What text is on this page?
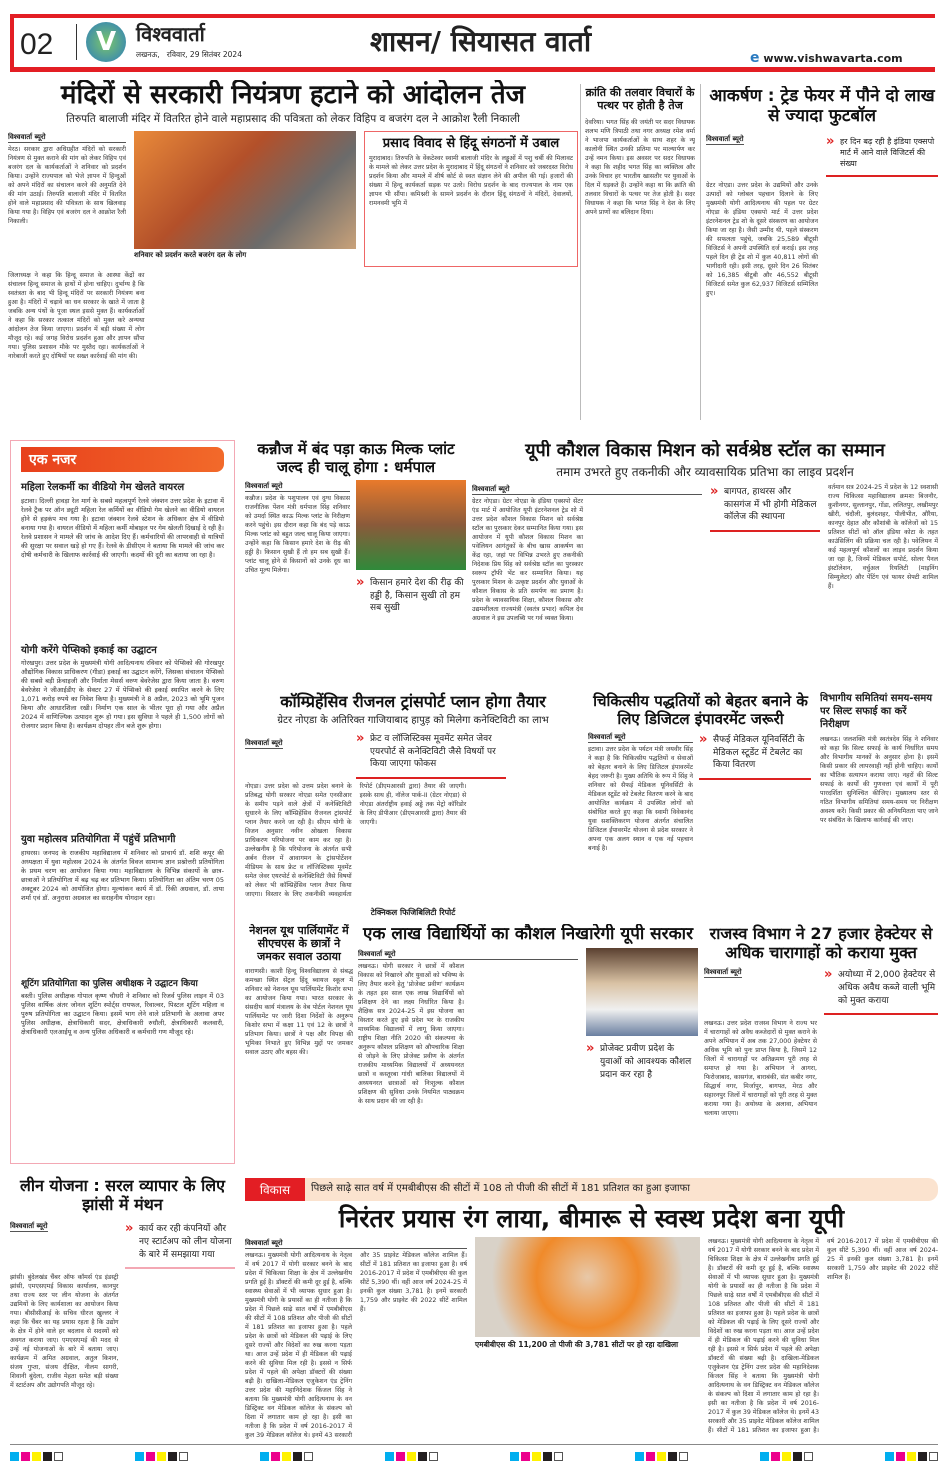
02	V विश्ववार्ता
लखनऊ,   रविवार, 29 सितंबर 2024	शासन/ सियासत वार्ता	e www.vishwavarta.com
मंदिरों से सरकारी नियंत्रण हटाने को आंदोलन तेज
तिरुपति बालाजी मंदिर में वितरित होने वाले महाप्रसाद की पवित्रता को लेकर विहिप व बजरंग दल ने आक्रोश रैली निकाली
विश्ववार्ता ब्यूरो
मेरठ। सरकार द्वारा अधिग्रहीत मंदिरों को सरकारी नियंत्रण से मुक्त कराने की मांग को लेकर विहिप एवं बजरंग दल के कार्यकर्ताओं ने शनिवार को प्रदर्शन किया। उन्होंने राज्यपाल को भेजे ज्ञापन में हिन्दुओं को अपने मंदिरों का संचालन करने की अनुमति देने की मांग उठाई। तिरुपति बालाजी मंदिर में वितरित होने वाले महाप्रसाद की पवित्रता के साथ खिलवाड़ किया गया है। विहिप एवं बजरंग दल ने आक्रोश रैली निकाली।
शनिवार को प्रदर्शन करते बजरंग दल के लोग
प्रसाद विवाद से हिंदू संगठनों में उबाल
मुरादाबाद। तिरुपति के वेंकटेश्वर स्वामी बालाजी मंदिर के लड्डुओं में पशु चर्बी की मिलावट के मामले को लेकर उत्तर प्रदेश के मुरादाबाद में हिंदू संगठनों ने शनिवार को जबरदस्त विरोध प्रदर्शन किया और मामले में शीर्ष कोर्ट से स्वत संज्ञान लेने की अपील की गई। हजारों की संख्या में हिन्दू कार्यकर्ता सड़क पर उतरे। विरोध प्रदर्शन के बाद राज्यपाल के नाम एक ज्ञापन भी सौंपा। कमिश्नरी के सामने प्रदर्शन के दौरान हिंदू संगठनों ने मंदिरों, देवालयों, रामनवमी भूमि में
जिलाध्यक्ष ने कहा कि हिन्दू समाज के आस्था केंद्रों का संचालन हिन्दू समाज के हाथों में होना चाहिए। दुर्भाग्य है कि स्वतंत्रता के बाद भी हिन्दू मंदिरों पर सरकारी नियंत्रण बना हुआ है। मंदिरों में चढ़ावे का धन सरकार के खाते में जाता है जबकि अन्य पंथों के पूजा स्थल इससे मुक्त हैं। कार्यकर्ताओं ने कहा कि सरकार तत्काल मंदिरों को मुक्त करे अन्यथा आंदोलन तेज किया जाएगा। प्रदर्शन में बड़ी संख्या में लोग मौजूद रहे। कई जगह विरोध प्रदर्शन हुआ और ज्ञापन सौंपा गया। पुलिस प्रशासन मौके पर मुस्तैद रहा। कार्यकर्ताओं ने नारेबाजी करते हुए दोषियों पर सख्त कार्रवाई की मांग की।
क्रांति की तलवार विचारों के पत्थर पर होती है तेज
देवरिया। भगत सिंह की जयंती पर सदर विधायक शलभ मणि त्रिपाठी तथा नगर अध्यक्ष रमेश वर्मा ने भाजपा कार्यकर्ताओं के साथ शहर के न्यू कालोनी स्थित उनकी प्रतिमा पर माल्यार्पण कर उन्हें नमन किया। इस अवसर पर सदर विधायक ने कहा कि शहीद भगत सिंह का व्यक्तित्व और उनके विचार हर भारतीय खासतौर पर युवाओं के दिल में धड़कते हैं। उन्होंने कहा था कि क्रांति की तलवार विचारों के पत्थर पर तेज होती है। सदर विधायक ने कहा कि भगत सिंह ने देश के लिए अपने प्राणों का बलिदान दिया।
आकर्षण : ट्रेड फेयर में पौने दो लाख से ज्यादा फुटबॉल
विश्ववार्ता ब्यूरो	» हर दिन बढ़ रही है इंडिया एक्सपो मार्ट में आने वाले विजिटर्स की संख्या
ग्रेटर नोएडा। उत्तर प्रदेश के उद्यमियों और उनके उत्पादों को ग्लोबल पहचान दिलाने के लिए मुख्यमंत्री योगी आदित्यनाथ की पहल पर ग्रेटर नोएडा के इंडिया एक्सपो मार्ट में उत्तर प्रदेश इंटरनेशनल ट्रेड शो के दूसरे संस्करण का आयोजन किया जा रहा है। जैसी उम्मीद थी, पहले संस्करण की सफलता पहुंचे, जबकि 25,589 बीटूसी विजिटर्स ने अपनी उपस्थिति दर्ज कराई। इस तरह पहले दिन ही ट्रेड शो में कुल 40,811 लोगों की भागीदारी रही। इसी तरह, दूसरे दिन 26 सितंबर को 16,385 बीटूबी और 46,552 बीटूसी विजिटर्स समेत कुल 62,937 विजिटर्स सम्मिलित हुए।
एक नजर
महिला रेलकर्मी का वीडियो गेम खेलते वायरल
इटावा। दिल्ली हावड़ा रेल मार्ग के सबसे महत्वपूर्ण रेलवे जंक्शन उत्तर प्रदेश के इटावा में रेलवे ट्रैक पर ऑन ड्यूटी महिला रेल कर्मियों का वीडियो गेम खेलने का वीडियो वायरल होने से हड़कंप मच गया है। इटावा जंक्शन रेलवे स्टेशन के अधिकार क्षेत्र में वीडियो बनाया गया है। वायरल वीडियो में महिला कर्मी मोबाइल पर गेम खेलती दिखाई दे रही है। रेलवे प्रशासन ने मामले की जांच के आदेश दिए हैं। कर्मचारियों की लापरवाही से यात्रियों की सुरक्षा पर सवाल खड़े हो गए हैं। रेलवे के डीसीएम ने बताया कि मामले की जांच कर दोषी कर्मचारी के खिलाफ कार्रवाई की जाएगी। कदमों की दूरी का बताया जा रहा है।
योगी करेंगे पेप्सिको इकाई का उद्घाटन
गोरखपुर। उत्तर प्रदेश के मुख्यमंत्री योगी आदित्यनाथ रविवार को पेप्सिको की गोरखपुर औद्योगिक विकास प्राधिकरण (गीडा) इकाई का उद्घाटन करेंगे, जिसका संचालन पेप्सिको की सबसे बड़ी फ्रेंचाइजी और निर्माता मेसर्स वरुण बेवरेजेस द्वारा किया जाता है। वरुण बेवरेजेस ने जीआईडीए के सेक्टर 27 में पेप्सिको की इकाई स्थापित करने के लिए 1,071 करोड़ रुपये का निवेश किया है। मुख्यमंत्री ने 8 अप्रैल, 2023 को भूमि पूजन किया और आधारशिला रखी। निर्माण एक साल के भीतर पूरा हो गया और अप्रैल 2024 में वाणिज्यिक उत्पादन शुरू हो गया। इस सुविधा ने पहले ही 1,500 लोगों को रोजगार प्रदान किया है। कार्यक्रम दोपहर तीन बजे शुरू होगा।
युवा महोत्सव प्रतियोगिता में पहुंचें प्रतिभागी
हाथरस। जनपद के राजकीय महाविद्यालय में शनिवार को प्राचार्य डॉ. शशि कपूर की अध्यक्षता में युवा महोत्सव 2024 के अंतर्गत विवज सामान्य ज्ञान प्रश्नोत्तरी प्रतियोगिता के प्रथम चरण का आयोजन किया गया। महाविद्यालय के विभिन्न संकायों के छात्र-छात्राओं ने प्रतियोगिता में बढ़ चढ़ कर प्रतिभाग किया। प्रतियोगिता का अंतिम चरण 05 अक्टूबर 2024 को आयोजित होगा। मूल्यांकन कार्य में डॉ. रिंकी अग्रवाल, डॉ. ताया शर्मा एवं डॉ. अनुराधा अग्रवाल का सराहनीय योगदान रहा।
शूटिंग प्रतियोगिता का पुलिस अधीक्षक ने उद्घाटन किया
बस्ती। पुलिस अधीक्षक गोपाल कृष्ण चौधरी ने शनिवार को रिजर्व पुलिस लाइन में 03 पुलिस वार्षिक अंतर जोनल शूटिंग स्पोर्ट्स रायफल, रिवाल्वर, पिस्टल शूटिंग महिला व पुरुष प्रतियोगिता का उद्घाटन किया। इसमें भाग लेने वाले प्रतिभागी के अलावा अपर पुलिस अधीक्षक, क्षेत्राधिकारी सदर, क्षेत्राधिकारी रुधौली, क्षेत्राधिकारी कलवारी, क्षेत्राधिकारी एलआईयू व अन्य पुलिस अधिकारी व कर्मचारी गण मौजूद रहे।
कन्नौज में बंद पड़ा काऊ मिल्क प्लांट जल्द ही चालू होगा : धर्मपाल
विश्ववार्ता ब्यूरो
कन्नौज। प्रदेश के पशुपालन एवं दुग्ध विकास राजनीतिक पेंशन मंत्री धर्मपाल सिंह शनिवार को उमर्दा स्थित काऊ मिल्क प्लांट के निरीक्षण करने पहुंचे। इस दौरान कहा कि बंद पड़े काऊ मिल्क प्लांट को बहुत जल्द चालू किया जाएगा। उन्होंने कहा कि किसान हमारे देश के रीढ़ की हड्डी है। किसान सुखी हैं तो हम सब सुखी हैं। प्लांट चालू होने से किसानों को उनके दूध का उचित मूल्य मिलेगा।
» किसान हमारे देश की रीढ़ की हड्डी है, किसान सुखी तो हम सब सुखी
यूपी कौशल विकास मिशन को सर्वश्रेष्ठ स्टॉल का सम्मान
तमाम उभरते हुए तकनीकी और व्यावसायिक प्रतिभा का लाइव प्रदर्शन
विश्ववार्ता ब्यूरो
ग्रेटर नोएडा। ग्रेटर नोएडा के इंडिया एक्सपो सेंटर एंड मार्ट में आयोजित यूपी इंटरनेशनल ट्रेड शो में उत्तर प्रदेश कौशल विकास मिशन को सर्वश्रेष्ठ स्टॉल का पुरस्कार देकर सम्मानित किया गया। इस आयोजन में यूपी कौशल विकास मिशन का पवेलियन आगंतुकों के बीच खास आकर्षण का केंद्र रहा, जहां पर विभिन्न उभरते हुए तकनीकी निदेशक प्रिय सिंह को सर्वश्रेष्ठ स्टॉल का पुरस्कार स्वरूप ट्रॉफी भेंट कर सम्मानित किया। यह पुरस्कार मिशन के उत्कृष्ट प्रदर्शन और युवाओं के कौशल विकास के प्रति समर्पण का प्रमाण है। प्रदेश के व्यावसायिक शिक्षा, कौशल विकास और उद्यमशीलता राज्यमंत्री (स्वतंत्र प्रभार) कपिल देव अग्रवाल ने इस उपलब्धि पर गर्व व्यक्त किया।
» बागपत, हाथरस और कासगंज में भी होगी मेडिकल कॉलेज की स्थापना
वर्तमान सत्र 2024-25 में प्रदेश के 12 स्वशासी राज्य चिकित्सा महाविद्यालय क्रमशः बिजनौर, कुशीनगर, सुल्तानपुर, गोंडा, ललितपुर, लखीमपुर खीरी, चंदौली, बुलंदशहर, पीलीभीत, औरैया, कानपुर देहात और कौशांबी के कॉलेजों को 15 प्रतिशत सीटों को ऑल इंडिया कोटा के तहत काउंसिलिंग की प्रक्रिया चल रही है। पवेलियन में कई महत्वपूर्ण कौशलों का लाइव प्रदर्शन किया जा रहा है, जिनमें मेडिकल सपोर्ट, सोलर पैनल इंस्टॉलेशन, वर्चुअल रियलिटी (माइनिंग सिम्युलेटर) और पेंटिंग एवं फायर सेफ्टी शामिल हैं।
कॉम्प्रिहेंसिव रीजनल ट्रांसपोर्ट प्लान होगा तैयार
ग्रेटर नोएडा के अतिरिक्त गाजियाबाद हापुड़ को मिलेगा कनेक्टिविटी का लाभ
विश्ववार्ता ब्यूरो	» फ्रेट व लॉजिस्टिक्स मूवमेंट समेत जेवर एयरपोर्ट से कनेक्टिविटी जैसे विषयों पर किया जाएगा फोकस
नोएडा। उत्तर प्रदेश को उत्तम प्रदेश बनाने के प्रतिबद्ध योगी सरकार नोएडा समेत एनसीआर के समीप पड़ने वाले क्षेत्रों में कनेक्टिविटी सुधारने के लिए कॉम्प्रिहेंसिव रीजनल ट्रांसपोर्ट प्लान तैयार करने जा रही है। सीएम योगी के विजन अनुसार नवीन ओखला विकास प्राधिकरण परियोजना पर काम कर रहा है। उल्लेखनीय है कि परियोजना के अंतर्गत सभी अर्बन रीजन में आवागमन के ट्रांसपोर्टेशन मीडियम के साथ फ्रेट व लॉजिस्टिक्स मूवमेंट समेत जेवर एयरपोर्ट से कनेक्टिविटी जैसे विषयों को लेकर भी कॉम्प्रिहेंसिव प्लान तैयार किया जाएगा। विस्तार के लिए तकनीकी व्यवहार्यता रिपोर्ट (डीएमआरसी द्वारा) तैयार की जाएगी। इसके साथ ही, नॉलेज पार्क-II (ग्रेटर नोएडा) से नोएडा अंतर्राष्ट्रीय हवाई अड्डे तक मेट्रो कॉरिडोर के लिए डीपीआर (डीएमआरसी द्वारा) तैयार की जाएगी।
टेक्निकल फिजिबिलिटी रिपोर्ट
चिकित्सीय पद्धतियों को बेहतर बनाने के लिए डिजिटल इंपावरमेंट जरूरी
विश्ववार्ता ब्यूरो
इटावा। उत्तर प्रदेश के पर्यटन मंत्री जयवीर सिंह ने कहा है कि चिकित्सीय पद्धतियों व सेवाओं को बेहतर बनाने के लिए डिजिटल इंपावरमेंट बेहद जरूरी है। मुख्य अतिथि के रूप में सिंह ने शनिवार को सैफई मेडिकल यूनिवर्सिटी के मेडिकल स्टूडेंट को टेबलेट वितरण करने के बाद आयोजित कार्यक्रम में उपस्थित लोगों को संबोधित करते हुए कहा कि स्वामी विवेकानंद युवा सशक्तिकरण योजना अंतर्गत संचालित डिजिटल ईंपावरमेंट योजना से प्रदेश सरकार ने अपना एक अलग स्थान व एक नई पहचान बनाई है।
» सैफई मेडिकल यूनिवर्सिटी के मेडिकल स्टूडेंट में टेबलेट का किया वितरण
विभागीय समितियां समय-समय पर सिल्ट सफाई का करें निरीक्षण
लखनऊ। जलशक्ति मंत्री स्वतंत्रदेव सिंह ने शनिवार को कहा कि सिल्ट सफाई के कार्य निर्धारित समय और विभागीय मानकों के अनुसार होना है। इसमें किसी प्रकार की लापरवाही नहीं होनी चाहिए। कार्यों का भौतिक सत्यापन कराया जाए। नहरों की सिल्ट सफाई के कार्यों की गुणवत्ता एवं कार्यों में पूरी पारदर्शिता सुनिश्चित कीजिए। मुख्यालय स्तर से गठित विभागीय समितियां समय-समय पर निरीक्षण अवश्य करें। किसी प्रकार की अनियमितता पाए जाने पर संबंधित के खिलाफ कार्रवाई की जाए।
नेशनल यूथ पार्लियामेंट में सीएचएस के छात्रों ने जमकर सवाल उठाया
वाराणसी। काशी हिन्दू विश्वविद्यालय से संबद्ध कमच्छा स्थित सेंट्रल हिंदू ब्वायज स्कूल में शनिवार को नेशनल यूथ पार्लियामेंट किशोर सभा का आयोजन किया गया। भारत सरकार के संसदीय कार्य मंत्रालय के वेब पोर्टल नेशनल यूथ पार्लियामेंट पर जारी दिशा निर्देशों के अनुरूप किशोर सभा में कक्षा 11 एवं 12 के छात्रों ने प्रतिभाग किया। छात्रों ने पक्ष और विपक्ष की भूमिका निभाते हुए विभिन्न मुद्दों पर जमकर सवाल उठाए और बहस की।
एक लाख विद्यार्थियों का कौशल निखारेगी यूपी सरकार
विश्ववार्ता ब्यूरो
लखनऊ। योगी सरकार ने छात्रों में कौशल विकास को निखारने और युवाओं को भविष्य के लिए तैयार करने हेतु 'प्रोजेक्ट प्रवीण' कार्यक्रम के तहत इस साल एक लाख विद्यार्थियों को प्रशिक्षण देने का लक्ष्य निर्धारित किया है। शैक्षिक सत्र 2024-25 में इस योजना का विस्तार करते हुए इसे प्रदेश भर के राजकीय माध्यमिक विद्यालयों में लागू किया जाएगा। राष्ट्रीय शिक्षा नीति 2020 की संकल्पना के अनुरूप कौशल प्रशिक्षण को औपचारिक शिक्षा से जोड़ने के लिए प्रोजेक्ट प्रवीण के अंतर्गत राजकीय माध्यमिक विद्यालयों में अध्ययनरत छात्रों व कस्तूरबा गांधी बालिका विद्यालयों में अध्ययनरत छात्राओं को निःशुल्क कौशल प्रशिक्षण की सुविधा उनके नियमित पाठ्यक्रम के साथ प्रदान की जा रही है।
» प्रोजेक्ट प्रवीण प्रदेश के युवाओं को आवश्यक कौशल प्रदान कर रहा है
राजस्व विभाग ने 27 हजार हेक्टेयर से अधिक चारागाहों को कराया मुक्त
विश्ववार्ता ब्यूरो	» अयोध्या में 2,000 हेक्टेयर से अधिक अवैध कब्जे वाली भूमि को मुक्त कराया
लखनऊ। उत्तर प्रदेश राजस्व विभाग ने राज्य भर में चारागाहों को अवैध कब्जेदारों से मुक्त कराने के अपने अभियान में अब तक 27,000 हेक्टेयर से अधिक भूमि को पुनः प्राप्त किया है, जिसमें 12 जिलों में चारागाहों पर अतिक्रमण पूरी तरह से समाप्त हो गया है। अभियान ने आगरा, फिरोजाबाद, कासगंज, बाराबंकी, संत कबीर नगर, सिद्धार्थ नगर, मिर्जापुर, बागपत, मेरठ और सहारनपुर जिलों में चारागाहों को पूरी तरह से मुक्त कराया गया है। अयोध्या के अलावा, अभियान चलाया जाएगा।
लीन योजना : सरल व्यापार के लिए झांसी में मंथन
विश्ववार्ता ब्यूरो	» कार्य कर रही कंपनियों और नए स्टार्टअप को लीन योजना के बारे में समझाया गया
झांसी। बुंदेलखंड चैंबर ऑफ कॉमर्स एंड इंडस्ट्री झांसी, एमएसएमई विकास कार्यालय, कानपुर तथा राज्य स्तर पर लीन योजना के अंतर्गत उद्यमियों के लिए कार्यशाला का आयोजन किया गया। बीसीसीआई के सचिव धीरज खुल्लर ने कहा कि चैंबर का यह प्रयास रहता है कि उद्योग के क्षेत्र में होने वाले हर बदलाव से सदस्यों को अवगत कराया जाए। एमएसएमई की मदद से उन्हें नई योजनाओं के बारे में बताया जाए। कार्यक्रम में अमित अग्रवाल, अतुल किशन, संजय गुप्ता, संजय दीक्षित, नीलम सागरी, शिवानी बुंदेला, राजीव मेहता समेत बड़ी संख्या में स्टार्टअप और उद्योगपति मौजूद रहे।
विकास	पिछले साढ़े सात वर्ष में एमबीबीएस की सीटों में 108 तो पीजी की सीटों में 181 प्रतिशत का हुआ इजाफा
निरंतर प्रयास रंग लाया, बीमारू से स्वस्थ प्रदेश बना यूपी
विश्ववार्ता ब्यूरो
लखनऊ। मुख्यमंत्री योगी आदित्यनाथ के नेतृत्व में वर्ष 2017 में योगी सरकार बनने के बाद प्रदेश में चिकित्सा शिक्षा के क्षेत्र में उल्लेखनीय प्रगति हुई है। डॉक्टरों की कमी दूर हुई है, बल्कि स्वास्थ्य सेवाओं में भी व्यापक सुधार हुआ है। मुख्यमंत्री योगी के प्रयासों का ही नतीजा है कि प्रदेश में पिछले साढ़े सात वर्षों में एमबीबीएस की सीटों में 108 प्रतिशत और पीजी की सीटों में 181 प्रतिशत का इजाफा हुआ है। पहले प्रदेश के छात्रों को मेडिकल की पढ़ाई के लिए दूसरे राज्यों और विदेशों का रुख करना पड़ता था। आज उन्हें प्रदेश में ही मेडिकल की पढ़ाई करने की सुविधा मिल रही है। इससे न सिर्फ प्रदेश में पहले की अपेक्षा डॉक्टरों की संख्या बढ़ी है। दाखिला-मेडिकल एजुकेशन एंड ट्रेनिंग उत्तर प्रदेश की महानिदेशक किंजल सिंह ने बताया कि मुख्यमंत्री योगी आदित्यनाथ के वन डिस्ट्रिक्ट वन मेडिकल कॉलेज के संकल्प को दिशा में लगातार काम हो रहा है। इसी का नतीजा है कि प्रदेश में वर्ष 2016-2017 में कुल 39 मेडिकल कॉलेज थे। इनमें 43 सरकारी और 35 प्राइवेट मेडिकल कॉलेज शामिल हैं। सीटों में 181 प्रतिशत का इजाफा हुआ है। वर्ष 2016-2017 में प्रदेश में एमबीबीएस की कुल सीटें 5,390 थीं। वहीं आज वर्ष 2024-25 में इनकी कुल संख्या 3,781 है। इनमें सरकारी 1,759 और प्राइवेट की 2022 सीटें शामिल हैं।
एमबीबीएस की 11,200 तो पीजी की 3,781 सीटों पर हो रहा दाखिला
लखनऊ। मुख्यमंत्री योगी आदित्यनाथ के नेतृत्व में वर्ष 2017 में योगी सरकार बनने के बाद प्रदेश में चिकित्सा शिक्षा के क्षेत्र में उल्लेखनीय प्रगति हुई है। डॉक्टरों की कमी दूर हुई है, बल्कि स्वास्थ्य सेवाओं में भी व्यापक सुधार हुआ है। मुख्यमंत्री योगी के प्रयासों का ही नतीजा है कि प्रदेश में पिछले साढ़े सात वर्षों में एमबीबीएस की सीटों में 108 प्रतिशत और पीजी की सीटों में 181 प्रतिशत का इजाफा हुआ है। पहले प्रदेश के छात्रों को मेडिकल की पढ़ाई के लिए दूसरे राज्यों और विदेशों का रुख करना पड़ता था। आज उन्हें प्रदेश में ही मेडिकल की पढ़ाई करने की सुविधा मिल रही है। इससे न सिर्फ प्रदेश में पहले की अपेक्षा डॉक्टरों की संख्या बढ़ी है। दाखिला-मेडिकल एजुकेशन एंड ट्रेनिंग उत्तर प्रदेश की महानिदेशक किंजल सिंह ने बताया कि मुख्यमंत्री योगी आदित्यनाथ के वन डिस्ट्रिक्ट वन मेडिकल कॉलेज के संकल्प को दिशा में लगातार काम हो रहा है। इसी का नतीजा है कि प्रदेश में वर्ष 2016-2017 में कुल 39 मेडिकल कॉलेज थे। इनमें 43 सरकारी और 35 प्राइवेट मेडिकल कॉलेज शामिल हैं। सीटों में 181 प्रतिशत का इजाफा हुआ है। वर्ष 2016-2017 में प्रदेश में एमबीबीएस की कुल सीटें 5,390 थीं। वहीं आज वर्ष 2024-25 में इनकी कुल संख्या 3,781 है। इनमें सरकारी 1,759 और प्राइवेट की 2022 सीटें शामिल हैं।
